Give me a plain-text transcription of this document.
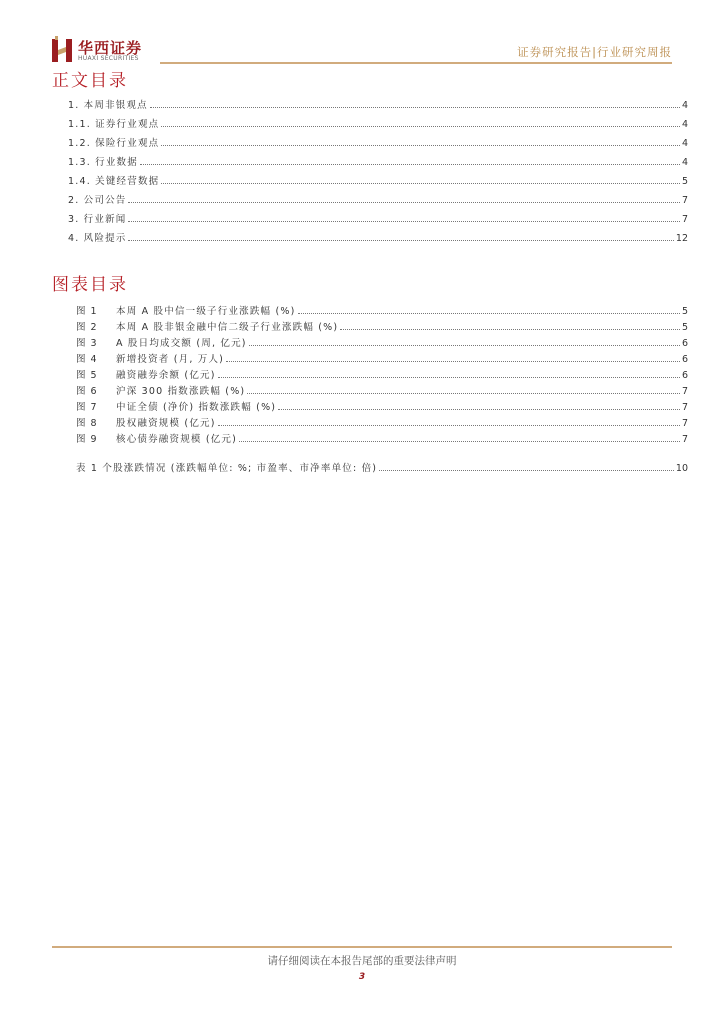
华西证券
HUAXI SECURITIES	证券研究报告|行业研究周报
正文目录
1. 本周非银观点	4
1.1. 证券行业观点	4
1.2. 保险行业观点	4
1.3. 行业数据	4
1.4. 关键经营数据	5
2. 公司公告	7
3. 行业新闻	7
4. 风险提示	12
图表目录
图 1	本周 A 股中信一级子行业涨跌幅 (%)	5
图 2	本周 A 股非银金融中信二级子行业涨跌幅 (%)	5
图 3	A 股日均成交额 (周, 亿元)	6
图 4	新增投资者 (月, 万人)	6
图 5	融资融券余额 (亿元)	6
图 6	沪深 300 指数涨跌幅 (%)	7
图 7	中证全债 (净价) 指数涨跌幅 (%)	7
图 8	股权融资规模 (亿元)	7
图 9	核心债券融资规模 (亿元)	7
表 1 个股涨跌情况 (涨跌幅单位: %; 市盈率、市净率单位: 倍)	10
请仔细阅读在本报告尾部的重要法律声明
3
